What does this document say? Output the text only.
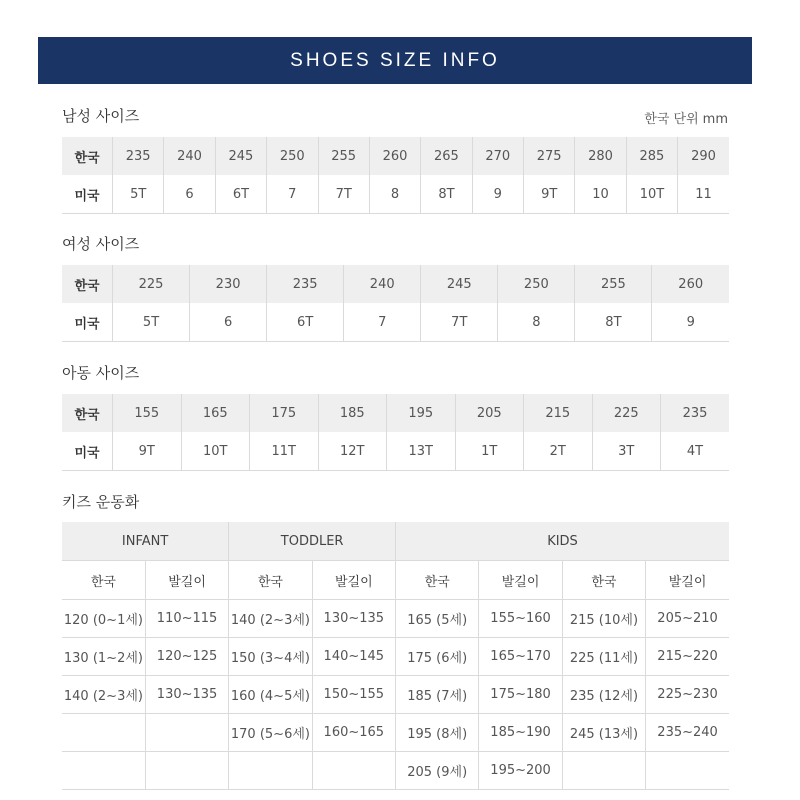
SHOES SIZE INFO
남성 사이즈	한국 단위 mm
한국	235	240	245	250	255	260	265	270	275	280	285	290
미국	5T	6	6T	7	7T	8	8T	9	9T	10	10T	11
여성 사이즈
한국	225	230	235	240	245	250	255	260
미국	5T	6	6T	7	7T	8	8T	9
아동 사이즈
한국	155	165	175	185	195	205	215	225	235
미국	9T	10T	11T	12T	13T	1T	2T	3T	4T
키즈 운동화
INFANT		TODDLER		KIDS			
한국	발길이	한국	발길이	한국	발길이	한국	발길이
120 (0~1세)	110~115	140 (2~3세)	130~135	165 (5세)	155~160	215 (10세)	205~210
130 (1~2세)	120~125	150 (3~4세)	140~145	175 (6세)	165~170	225 (11세)	215~220
140 (2~3세)	130~135	160 (4~5세)	150~155	185 (7세)	175~180	235 (12세)	225~230
		170 (5~6세)	160~165	195 (8세)	185~190	245 (13세)	235~240
				205 (9세)	195~200		
